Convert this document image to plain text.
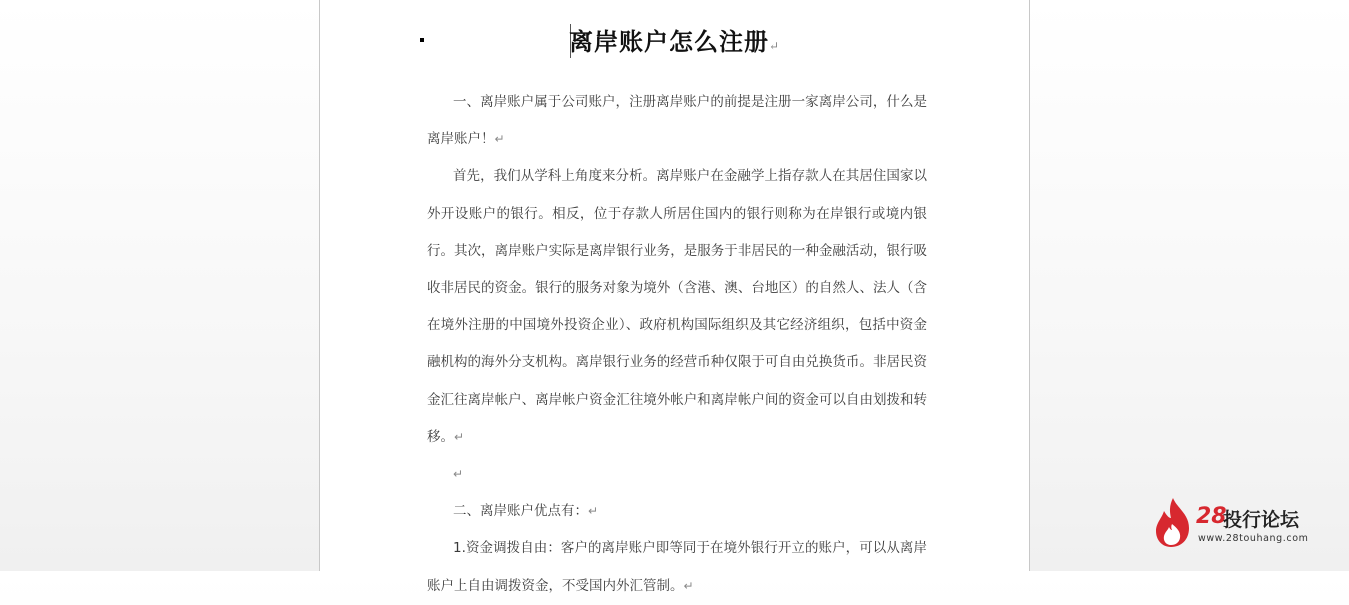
离岸账户怎么注册↵

一、离岸账户属于公司账户，注册离岸账户的前提是注册一家离岸公司，什么是离岸账户！↵

首先，我们从学科上角度来分析。离岸账户在金融学上指存款人在其居住国家以外开设账户的银行。相反，位于存款人所居住国内的银行则称为在岸银行或境内银行。其次，离岸账户实际是离岸银行业务，是服务于非居民的一种金融活动，银行吸收非居民的资金。银行的服务对象为境外（含港、澳、台地区）的自然人、法人（含在境外注册的中国境外投资企业）、政府机构国际组织及其它经济组织，包括中资金融机构的海外分支机构。离岸银行业务的经营币种仅限于可自由兑换货币。非居民资金汇往离岸帐户、离岸帐户资金汇往境外帐户和离岸帐户间的资金可以自由划拨和转移。↵

↵

二、离岸账户优点有：↵

1.资金调拨自由：客户的离岸账户即等同于在境外银行开立的账户，可以从离岸账户上自由调拨资金，不受国内外汇管制。↵

28
投行论坛
www.28touhang.com
